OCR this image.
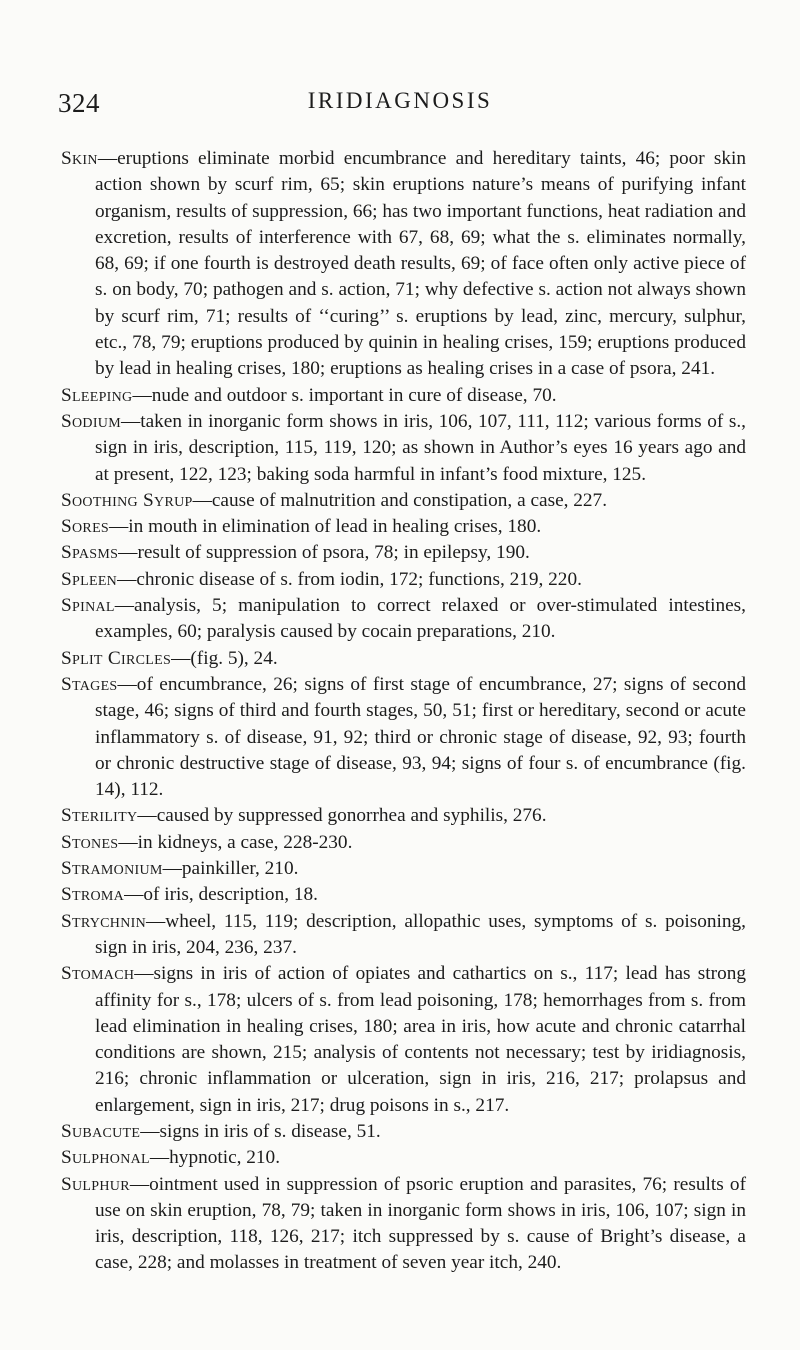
324	IRIDIAGNOSIS

Skin—eruptions eliminate morbid encumbrance and hereditary taints, 46; poor skin action shown by scurf rim, 65; skin eruptions nature’s means of purifying infant organism, results of suppression, 66; has two important functions, heat radiation and excretion, results of interference with 67, 68, 69; what the s. eliminates normally, 68, 69; if one fourth is destroyed death results, 69; of face often only active piece of s. on body, 70; pathogen and s. action, 71; why defective s. action not always shown by scurf rim, 71; results of ‘‘curing’’ s. eruptions by lead, zinc, mercury, sulphur, etc., 78, 79; eruptions produced by quinin in healing crises, 159; eruptions produced by lead in healing crises, 180; eruptions as healing crises in a case of psora, 241.

Sleeping—nude and outdoor s. important in cure of disease, 70.

Sodium—taken in inorganic form shows in iris, 106, 107, 111, 112; various forms of s., sign in iris, description, 115, 119, 120; as shown in Author’s eyes 16 years ago and at present, 122, 123; baking soda harmful in infant’s food mixture, 125.

Soothing Syrup—cause of malnutrition and constipation, a case, 227.

Sores—in mouth in elimination of lead in healing crises, 180.

Spasms—result of suppression of psora, 78; in epilepsy, 190.

Spleen—chronic disease of s. from iodin, 172; functions, 219, 220.

Spinal—analysis, 5; manipulation to correct relaxed or over-stimulated intestines, examples, 60; paralysis caused by cocain preparations, 210.

Split Circles—(fig. 5), 24.

Stages—of encumbrance, 26; signs of first stage of encumbrance, 27; signs of second stage, 46; signs of third and fourth stages, 50, 51; first or hereditary, second or acute inflammatory s. of disease, 91, 92; third or chronic stage of disease, 92, 93; fourth or chronic destructive stage of disease, 93, 94; signs of four s. of encumbrance (fig. 14), 112.

Sterility—caused by suppressed gonorrhea and syphilis, 276.

Stones—in kidneys, a case, 228-230.

Stramonium—painkiller, 210.

Stroma—of iris, description, 18.

Strychnin—wheel, 115, 119; description, allopathic uses, symptoms of s. poisoning, sign in iris, 204, 236, 237.

Stomach—signs in iris of action of opiates and cathartics on s., 117; lead has strong affinity for s., 178; ulcers of s. from lead poisoning, 178; hemorrhages from s. from lead elimination in healing crises, 180; area in iris, how acute and chronic catarrhal conditions are shown, 215; analysis of contents not necessary; test by iridiagnosis, 216; chronic inflammation or ulceration, sign in iris, 216, 217; prolapsus and enlargement, sign in iris, 217; drug poisons in s., 217.

Subacute—signs in iris of s. disease, 51.

Sulphonal—hypnotic, 210.

Sulphur—ointment used in suppression of psoric eruption and parasites, 76; results of use on skin eruption, 78, 79; taken in inorganic form shows in iris, 106, 107; sign in iris, description, 118, 126, 217; itch suppressed by s. cause of Bright’s disease, a case, 228; and molasses in treatment of seven year itch, 240.
